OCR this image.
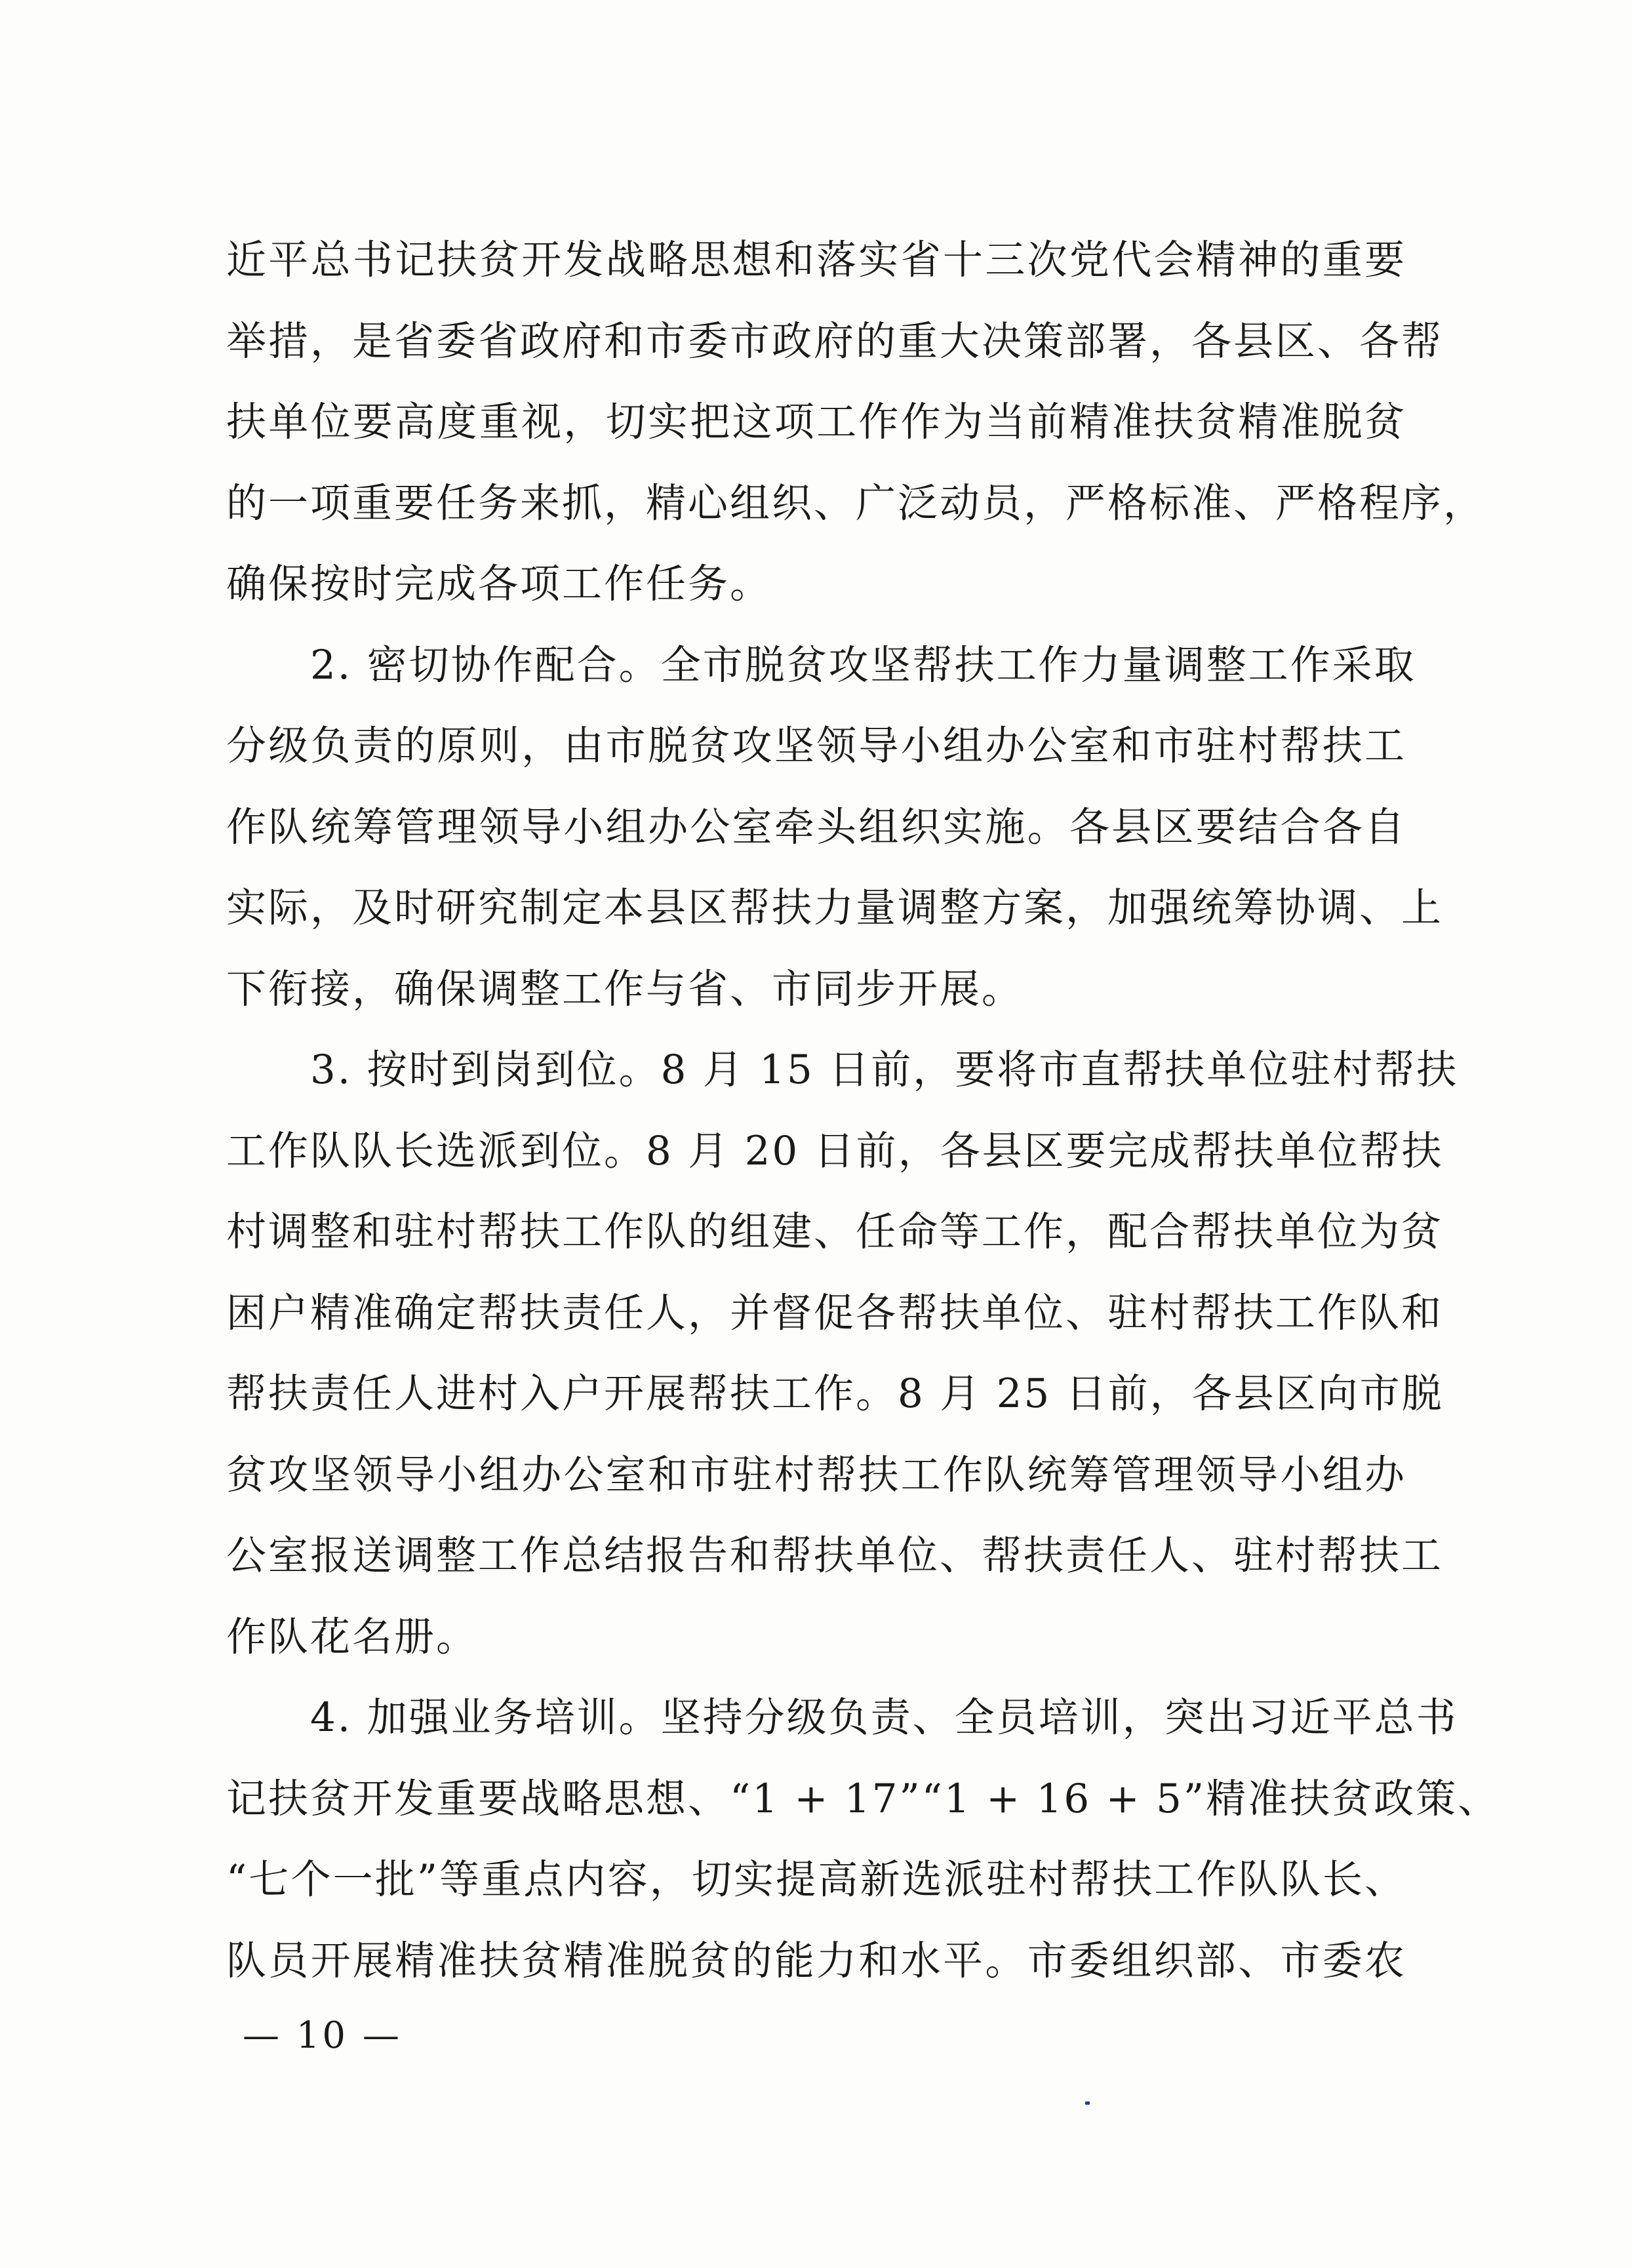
近平总书记扶贫开发战略思想和落实省十三次党代会精神的重要
举措，是省委省政府和市委市政府的重大决策部署，各县区、各帮
扶单位要高度重视，切实把这项工作作为当前精准扶贫精准脱贫
的一项重要任务来抓，精心组织、广泛动员，严格标准、严格程序，
确保按时完成各项工作任务。
　　2. 密切协作配合。全市脱贫攻坚帮扶工作力量调整工作采取
分级负责的原则，由市脱贫攻坚领导小组办公室和市驻村帮扶工
作队统筹管理领导小组办公室牵头组织实施。各县区要结合各自
实际，及时研究制定本县区帮扶力量调整方案，加强统筹协调、上
下衔接，确保调整工作与省、市同步开展。
　　3. 按时到岗到位。8 月 15 日前，要将市直帮扶单位驻村帮扶
工作队队长选派到位。8 月 20 日前，各县区要完成帮扶单位帮扶
村调整和驻村帮扶工作队的组建、任命等工作，配合帮扶单位为贫
困户精准确定帮扶责任人，并督促各帮扶单位、驻村帮扶工作队和
帮扶责任人进村入户开展帮扶工作。8 月 25 日前，各县区向市脱
贫攻坚领导小组办公室和市驻村帮扶工作队统筹管理领导小组办
公室报送调整工作总结报告和帮扶单位、帮扶责任人、驻村帮扶工
作队花名册。
　　4. 加强业务培训。坚持分级负责、全员培训，突出习近平总书
记扶贫开发重要战略思想、“1 + 17”“1 + 16 + 5”精准扶贫政策、
“七个一批”等重点内容，切实提高新选派驻村帮扶工作队队长、
队员开展精准扶贫精准脱贫的能力和水平。市委组织部、市委农
— 10 —
